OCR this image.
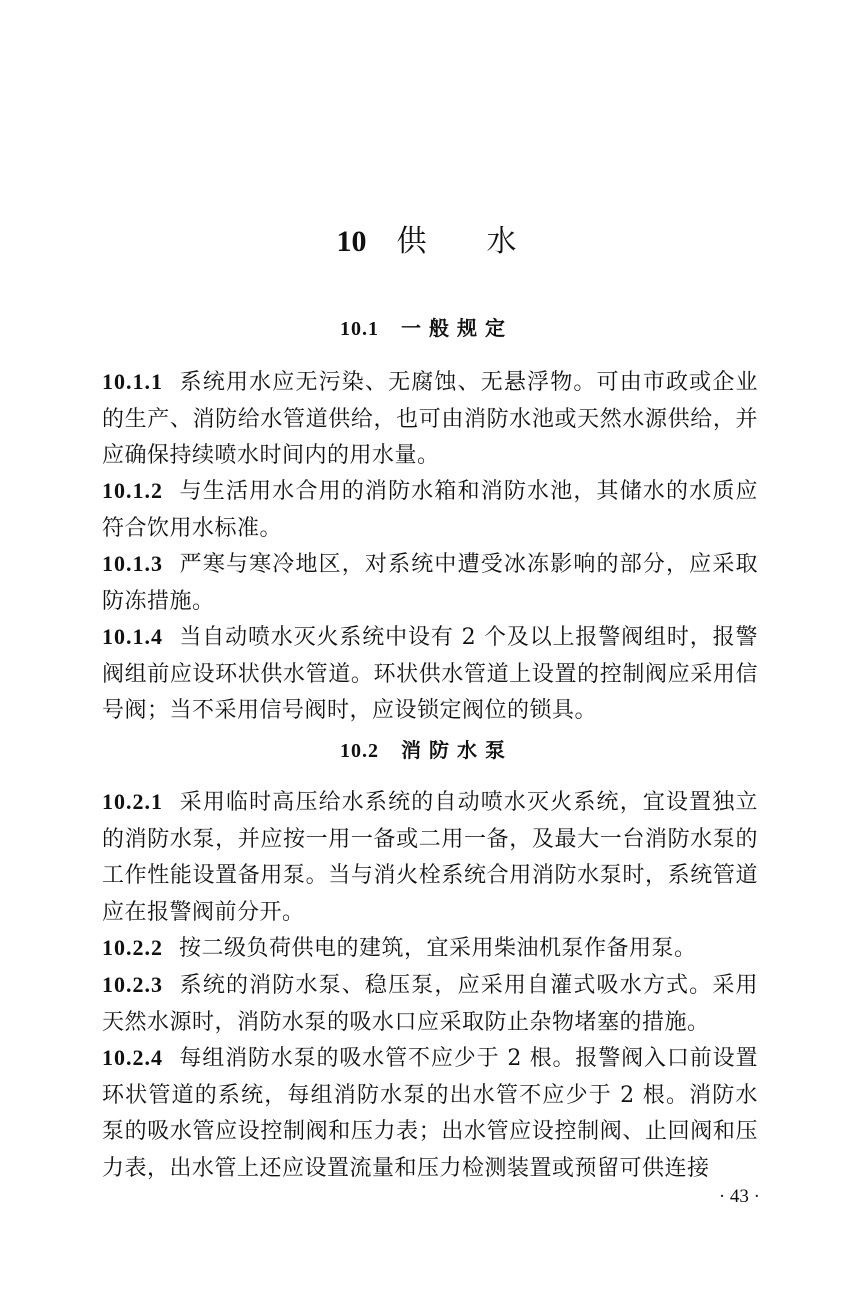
10 供 水
10.1 一般规定

10.1.1 系统用水应无污染、无腐蚀、无悬浮物。可由市政或企业的生产、消防给水管道供给，也可由消防水池或天然水源供给，并应确保持续喷水时间内的用水量。

10.1.2 与生活用水合用的消防水箱和消防水池，其储水的水质应符合饮用水标准。

10.1.3 严寒与寒冷地区，对系统中遭受冰冻影响的部分，应采取防冻措施。

10.1.4 当自动喷水灭火系统中设有 2 个及以上报警阀组时，报警阀组前应设环状供水管道。环状供水管道上设置的控制阀应采用信号阀；当不采用信号阀时，应设锁定阀位的锁具。

10.2 消防水泵

10.2.1 采用临时高压给水系统的自动喷水灭火系统，宜设置独立的消防水泵，并应按一用一备或二用一备，及最大一台消防水泵的工作性能设置备用泵。当与消火栓系统合用消防水泵时，系统管道应在报警阀前分开。

10.2.2 按二级负荷供电的建筑，宜采用柴油机泵作备用泵。

10.2.3 系统的消防水泵、稳压泵，应采用自灌式吸水方式。采用天然水源时，消防水泵的吸水口应采取防止杂物堵塞的措施。

10.2.4 每组消防水泵的吸水管不应少于 2 根。报警阀入口前设置环状管道的系统，每组消防水泵的出水管不应少于 2 根。消防水泵的吸水管应设控制阀和压力表；出水管应设控制阀、止回阀和压力表，出水管上还应设置流量和压力检测装置或预留可供连接

· 43 ·
